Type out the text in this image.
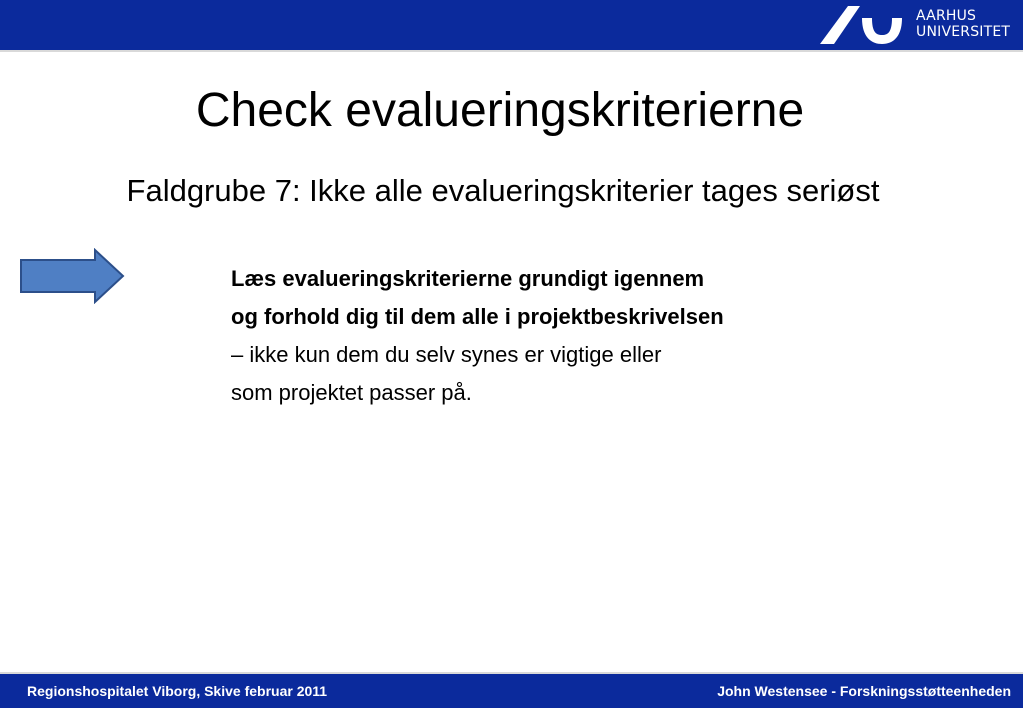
AARHUS
UNIVERSITET
Check evalueringskriterierne
Faldgrube 7: Ikke alle evalueringskriterier tages seriøst
Læs evalueringskriterierne grundigt igennem
og forhold dig til dem alle i projektbeskrivelsen
– ikke kun dem du selv synes er vigtige eller
som projektet passer på.
Regionshospitalet Viborg, Skive februar 2011	John Westensee - Forskningsstøtteenheden
